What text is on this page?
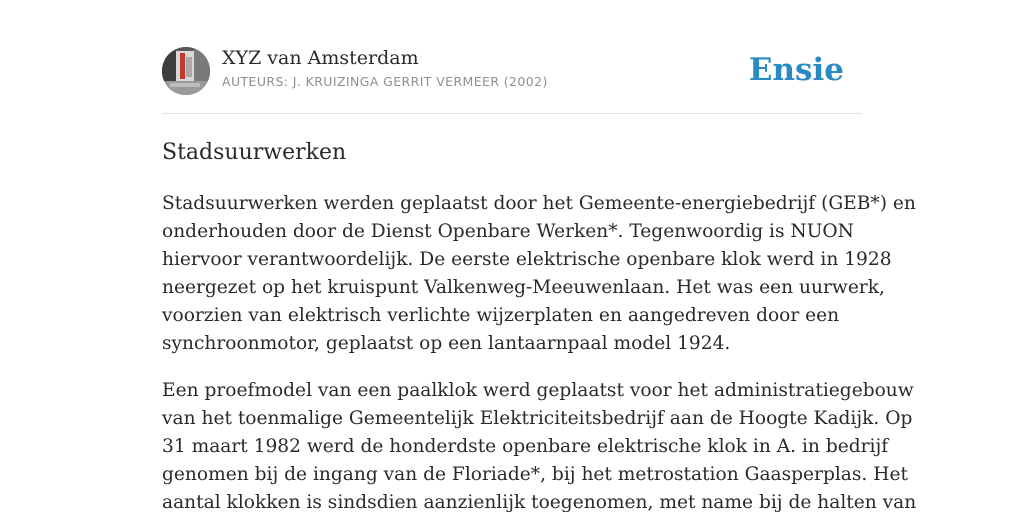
XYZ van Amsterdam
AUTEURS: J. KRUIZINGA GERRIT VERMEER (2002)	Ensie
Stadsuurwerken

Stadsuurwerken werden geplaatst door het Gemeente-energiebedrijf (GEB*) en
onderhouden door de Dienst Openbare Werken*. Tegenwoordig is NUON
hiervoor verantwoordelijk. De eerste elektrische openbare klok werd in 1928
neergezet op het kruispunt Valkenweg-Meeuwenlaan. Het was een uurwerk,
voorzien van elektrisch verlichte wijzerplaten en aangedreven door een
synchroonmotor, geplaatst op een lantaarnpaal model 1924.

Een proefmodel van een paalklok werd geplaatst voor het administratiegebouw
van het toenmalige Gemeentelijk Elektriciteitsbedrijf aan de Hoogte Kadijk. Op
31 maart 1982 werd de honderdste openbare elektrische klok in A. in bedrijf
genomen bij de ingang van de Floriade*, bij het metrostation Gaasperplas. Het
aantal klokken is sindsdien aanzienlijk toegenomen, met name bij de halten van
